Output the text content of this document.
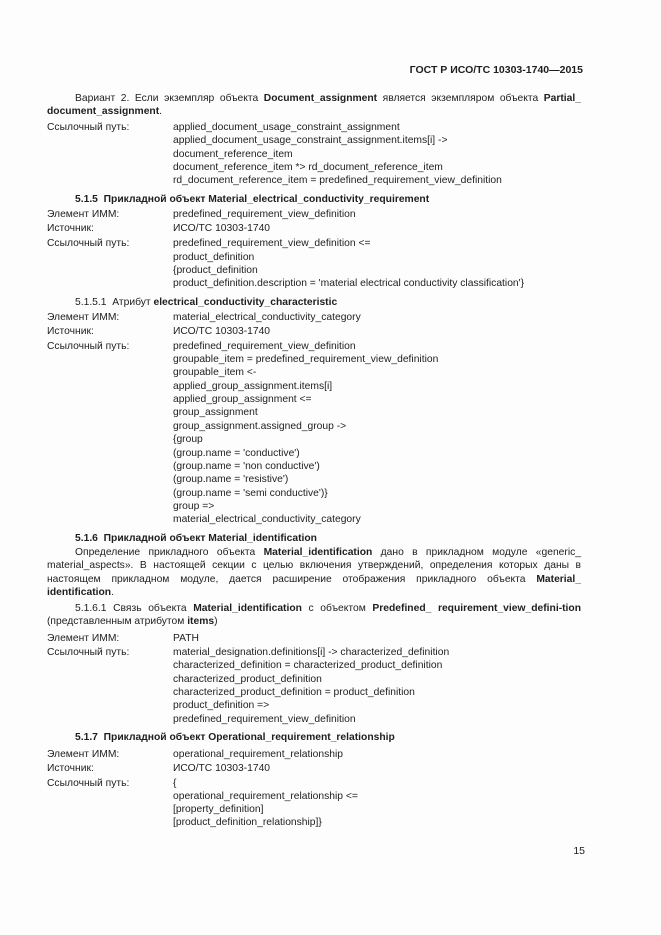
ГОСТ Р ИСО/ТС 10303-1740—2015
Вариант 2. Если экземпляр объекта Document_assignment является экземпляром объекта Partial_ document_assignment.
Ссылочный путь:	applied_document_usage_constraint_assignment
applied_document_usage_constraint_assignment.items[i] ->
document_reference_item
document_reference_item *> rd_document_reference_item
rd_document_reference_item = predefined_requirement_view_definition
5.1.5 Прикладной объект Material_electrical_conductivity_requirement
Элемент ИММ:	predefined_requirement_view_definition
Источник:	ИСО/ТС 10303-1740
Ссылочный путь:	predefined_requirement_view_definition <=
product_definition
{product_definition
product_definition.description = 'material electrical conductivity classification'}
5.1.5.1 Атрибут electrical_conductivity_characteristic
Элемент ИММ:	material_electrical_conductivity_category
Источник:	ИСО/ТС 10303-1740
Ссылочный путь:	predefined_requirement_view_definition
groupable_item = predefined_requirement_view_definition
groupable_item <-
applied_group_assignment.items[i]
applied_group_assignment <=
group_assignment
group_assignment.assigned_group ->
{group
(group.name = 'conductive')
(group.name = 'non conductive')
(group.name = 'resistive')
(group.name = 'semi conductive')}
group =>
material_electrical_conductivity_category
5.1.6 Прикладной объект Material_identification
Определение прикладного объекта Material_identification дано в прикладном модуле «generic_ material_aspects». В настоящей секции с целью включения утверждений, определения которых даны в настоящем прикладном модуле, дается расширение отображения прикладного объекта Material_ identification.
5.1.6.1 Связь объекта Material_identification с объектом Predefined_ requirement_view_defini-tion (представленным атрибутом items)
Элемент ИММ:	PATH
Ссылочный путь:	material_designation.definitions[i] -> characterized_definition
characterized_definition = characterized_product_definition
characterized_product_definition
characterized_product_definition = product_definition
product_definition =>
predefined_requirement_view_definition
5.1.7 Прикладной объект Operational_requirement_relationship
Элемент ИММ:	operational_requirement_relationship
Источник:	ИСО/ТС 10303-1740
Ссылочный путь:	{
operational_requirement_relationship <=
[property_definition]
[product_definition_relationship]}
15
